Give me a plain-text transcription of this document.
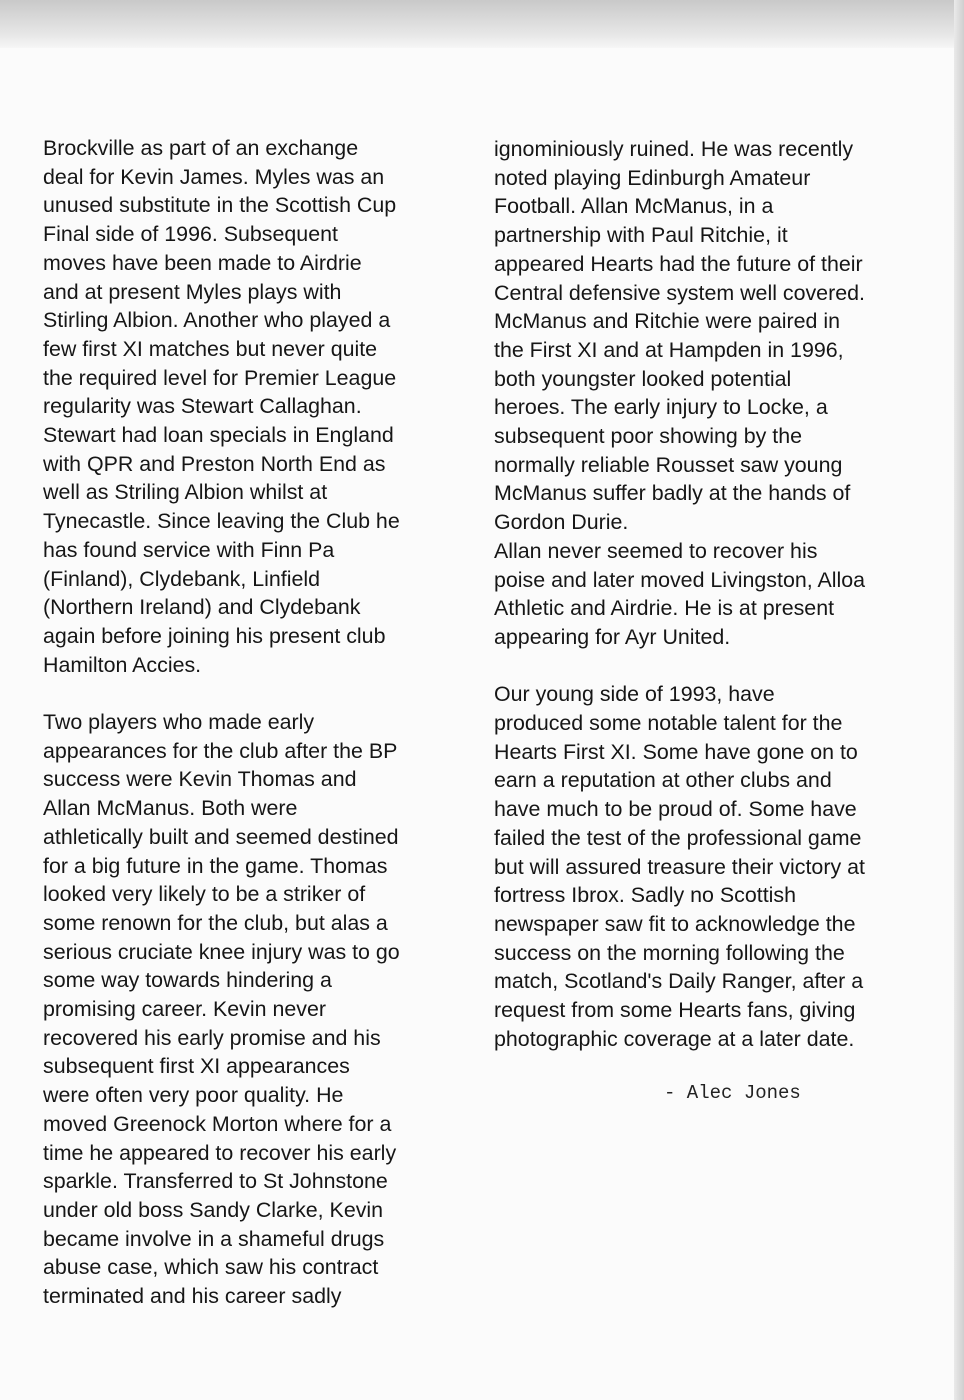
Brockville as part of an exchange

deal for Kevin James. Myles was an

unused substitute in the Scottish Cup

Final side of 1996. Subsequent

moves have been made to Airdrie

and at present Myles plays with

Stirling Albion. Another who played a

few first XI matches but never quite

the required level for Premier League

regularity was Stewart Callaghan.

Stewart had loan specials in England

with QPR and Preston North End as

well as Striling Albion whilst at

Tynecastle. Since leaving the Club he

has found service with Finn Pa

(Finland), Clydebank, Linfield

(Northern Ireland) and Clydebank

again before joining his present club

Hamilton Accies.

Two players who made early

appearances for the club after the BP

success were Kevin Thomas and

Allan McManus. Both were

athletically built and seemed destined

for a big future in the game. Thomas

looked very likely to be a striker of

some renown for the club, but alas a

serious cruciate knee injury was to go

some way towards hindering a

promising career. Kevin never

recovered his early promise and his

subsequent first XI appearances

were often very poor quality. He

moved Greenock Morton where for a

time he appeared to recover his early

sparkle. Transferred to St Johnstone

under old boss Sandy Clarke, Kevin

became involve in a shameful drugs

abuse case, which saw his contract

terminated and his career sadly

ignominiously ruined. He was recently

noted playing Edinburgh Amateur

Football. Allan McManus, in a

partnership with Paul Ritchie, it

appeared Hearts had the future of their

Central defensive system well covered.

McManus and Ritchie were paired in

the First XI and at Hampden in 1996,

both youngster looked potential

heroes. The early injury to Locke, a

subsequent poor showing by the

normally reliable Rousset saw young

McManus suffer badly at the hands of

Gordon Durie.

Allan never seemed to recover his

poise and later moved Livingston, Alloa

Athletic and Airdrie. He is at present

appearing for Ayr United.

Our young side of 1993, have

produced some notable talent for the

Hearts First XI. Some have gone on to

earn a reputation at other clubs and

have much to be proud of. Some have

failed the test of the professional game

but will assured treasure their victory at

fortress Ibrox. Sadly no Scottish

newspaper saw fit to acknowledge the

success on the morning following the

match, Scotland's Daily Ranger, after a

request from some Hearts fans, giving

photographic coverage at a later date.

- Alec Jones
